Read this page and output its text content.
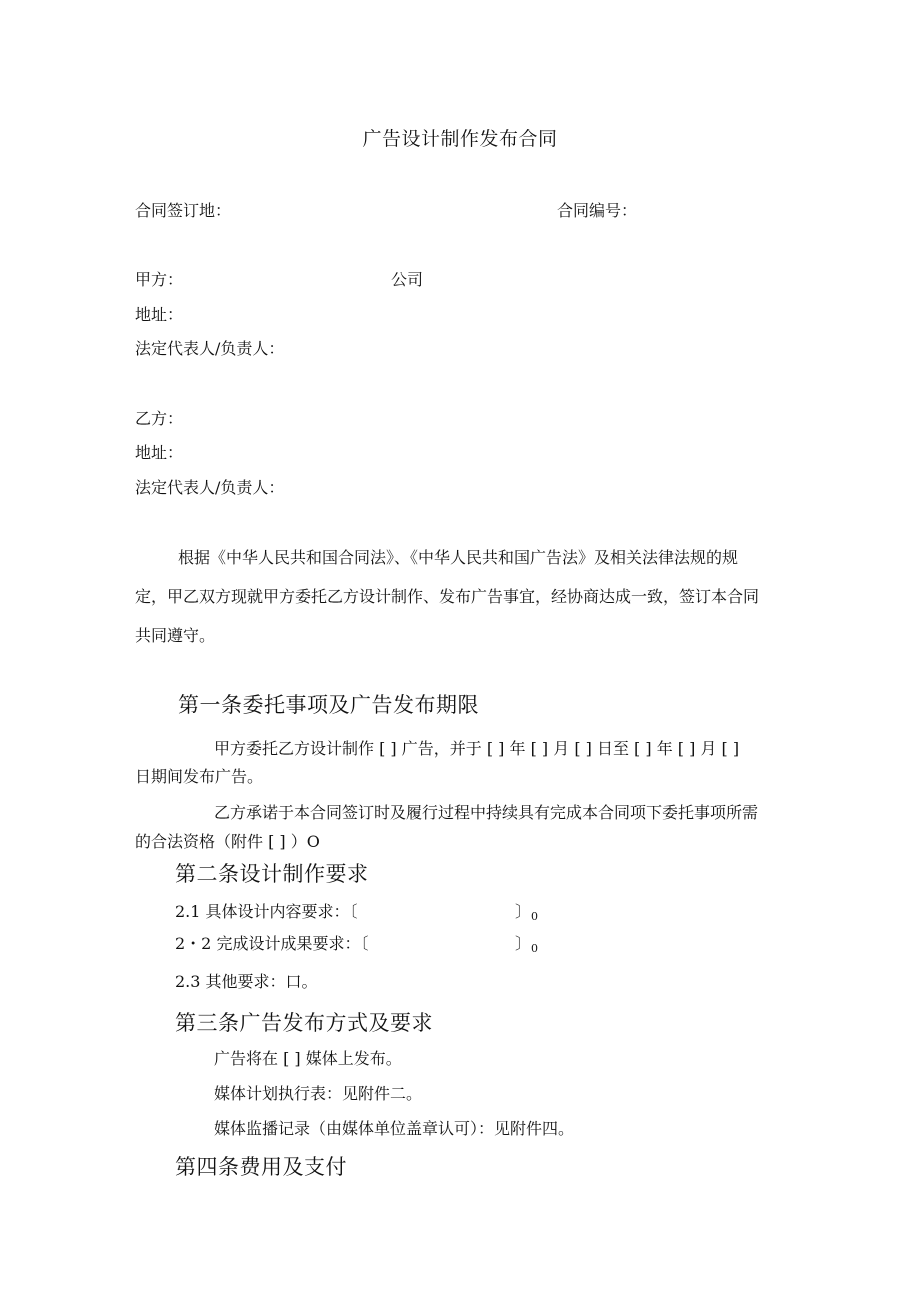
广告设计制作发布合同
合同签订地：	合同编号：
甲方：	公司
地址：
法定代表人/负责人：
乙方：
地址：
法定代表人/负责人：
根据《中华人民共和国合同法》、《中华人民共和国广告法》及相关法律法规的规
定，甲乙双方现就甲方委托乙方设计制作、发布广告事宜，经协商达成一致，签订本合同
共同遵守。
第一条委托事项及广告发布期限
甲方委托乙方设计制作 [ ] 广告，并于 [ ] 年 [ ] 月 [ ] 日至 [ ] 年 [ ] 月 [ ]
日期间发布广告。
乙方承诺于本合同签订时及履行过程中持续具有完成本合同项下委托事项所需
的合法资格（附件 [ ] ）O
第二条设计制作要求
2.1 具体设计内容要求：〔	〕$_0$
2・2 完成设计成果要求：〔	〕$_0$
2.3 其他要求：口。
第三条广告发布方式及要求
广告将在 [ ] 媒体上发布。
媒体计划执行表：见附件二。
媒体监播记录（由媒体单位盖章认可）：见附件四。
第四条费用及支付
